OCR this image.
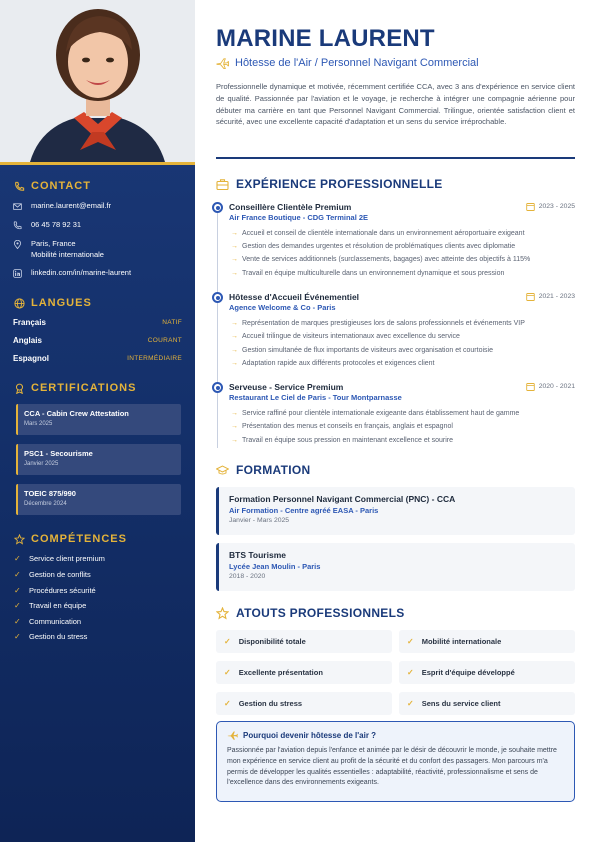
CONTACT
marine.laurent@email.fr
06 45 78 92 31
Paris, France
Mobilité internationale
linkedin.com/in/marine-laurent
LANGUES
Français	NATIF
Anglais	COURANT
Espagnol	INTERMÉDIAIRE
CERTIFICATIONS
CCA - Cabin Crew Attestation
Mars 2025
PSC1 - Secourisme
Janvier 2025
TOEIC 875/990
Décembre 2024
COMPÉTENCES
✓	Service client premium
✓	Gestion de conflits
✓	Procédures sécurité
✓	Travail en équipe
✓	Communication
✓	Gestion du stress
MARINE LAURENT
Hôtesse de l'Air / Personnel Navigant Commercial
Professionnelle dynamique et motivée, récemment certifiée CCA, avec 3 ans d'expérience en service client de qualité. Passionnée par l'aviation et le voyage, je recherche à intégrer une compagnie aérienne pour débuter ma carrière en tant que Personnel Navigant Commercial. Trilingue, orientée satisfaction client et sécurité, avec une excellente capacité d'adaptation et un sens du service irréprochable.
EXPÉRIENCE PROFESSIONNELLE
Conseillère Clientèle Premium
Air France Boutique - CDG Terminal 2E
2023 - 2025
→ Accueil et conseil de clientèle internationale dans un environnement aéroportuaire exigeant
→ Gestion des demandes urgentes et résolution de problématiques clients avec diplomatie
→ Vente de services additionnels (surclassements, bagages) avec atteinte des objectifs à 115%
→ Travail en équipe multiculturelle dans un environnement dynamique et sous pression
Hôtesse d'Accueil Événementiel
Agence Welcome & Co - Paris
2021 - 2023
→ Représentation de marques prestigieuses lors de salons professionnels et événements VIP
→ Accueil trilingue de visiteurs internationaux avec excellence du service
→ Gestion simultanée de flux importants de visiteurs avec organisation et courtoisie
→ Adaptation rapide aux différents protocoles et exigences client
Serveuse - Service Premium
Restaurant Le Ciel de Paris - Tour Montparnasse
2020 - 2021
→ Service raffiné pour clientèle internationale exigeante dans établissement haut de gamme
→ Présentation des menus et conseils en français, anglais et espagnol
→ Travail en équipe sous pression en maintenant excellence et sourire
FORMATION
Formation Personnel Navigant Commercial (PNC) - CCA
Air Formation - Centre agréé EASA - Paris
Janvier - Mars 2025
BTS Tourisme
Lycée Jean Moulin - Paris
2018 - 2020
ATOUTS PROFESSIONNELS
✓ Disponibilité totale	✓ Mobilité internationale
✓ Excellente présentation	✓ Esprit d'équipe développé
✓ Gestion du stress	✓ Sens du service client
Pourquoi devenir hôtesse de l'air ?
Passionnée par l'aviation depuis l'enfance et animée par le désir de découvrir le monde, je souhaite mettre mon expérience en service client au profit de la sécurité et du confort des passagers. Mon parcours m'a permis de développer les qualités essentielles : adaptabilité, réactivité, professionnalisme et sens de l'excellence dans des environnements exigeants.
